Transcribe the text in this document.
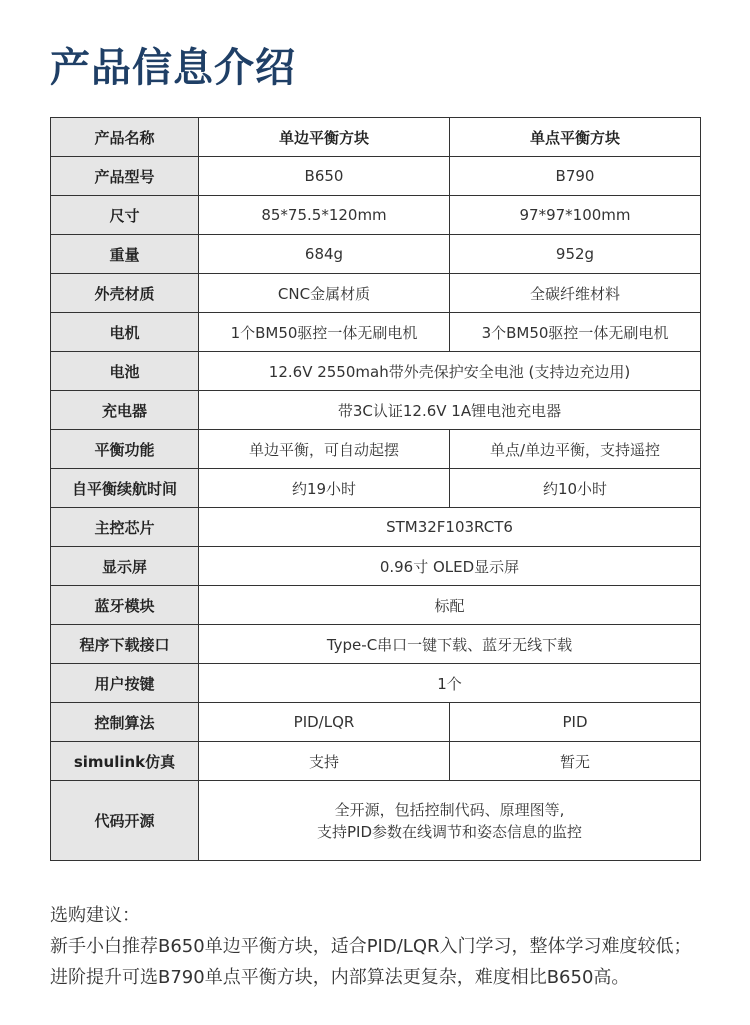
产品信息介绍
产品名称	单边平衡方块	单点平衡方块
产品型号	B650	B790
尺寸	85*75.5*120mm	97*97*100mm
重量	684g	952g
外壳材质	CNC金属材质	全碳纤维材料
电机	1个BM50驱控一体无刷电机	3个BM50驱控一体无刷电机
电池	12.6V 2550mah带外壳保护安全电池 (支持边充边用)	
充电器	带3C认证12.6V 1A锂电池充电器	
平衡功能	单边平衡，可自动起摆	单点/单边平衡，支持遥控
自平衡续航时间	约19小时	约10小时
主控芯片	STM32F103RCT6	
显示屏	0.96寸 OLED显示屏	
蓝牙模块	标配	
程序下载接口	Type-C串口一键下载、蓝牙无线下载	
用户按键	1个	
控制算法	PID/LQR	PID
simulink仿真	支持	暂无
代码开源	全开源，包括控制代码、原理图等,
支持PID参数在线调节和姿态信息的监控	
选购建议：
新手小白推荐B650单边平衡方块，适合PID/LQR入门学习，整体学习难度较低；
进阶提升可选B790单点平衡方块，内部算法更复杂，难度相比B650高。
